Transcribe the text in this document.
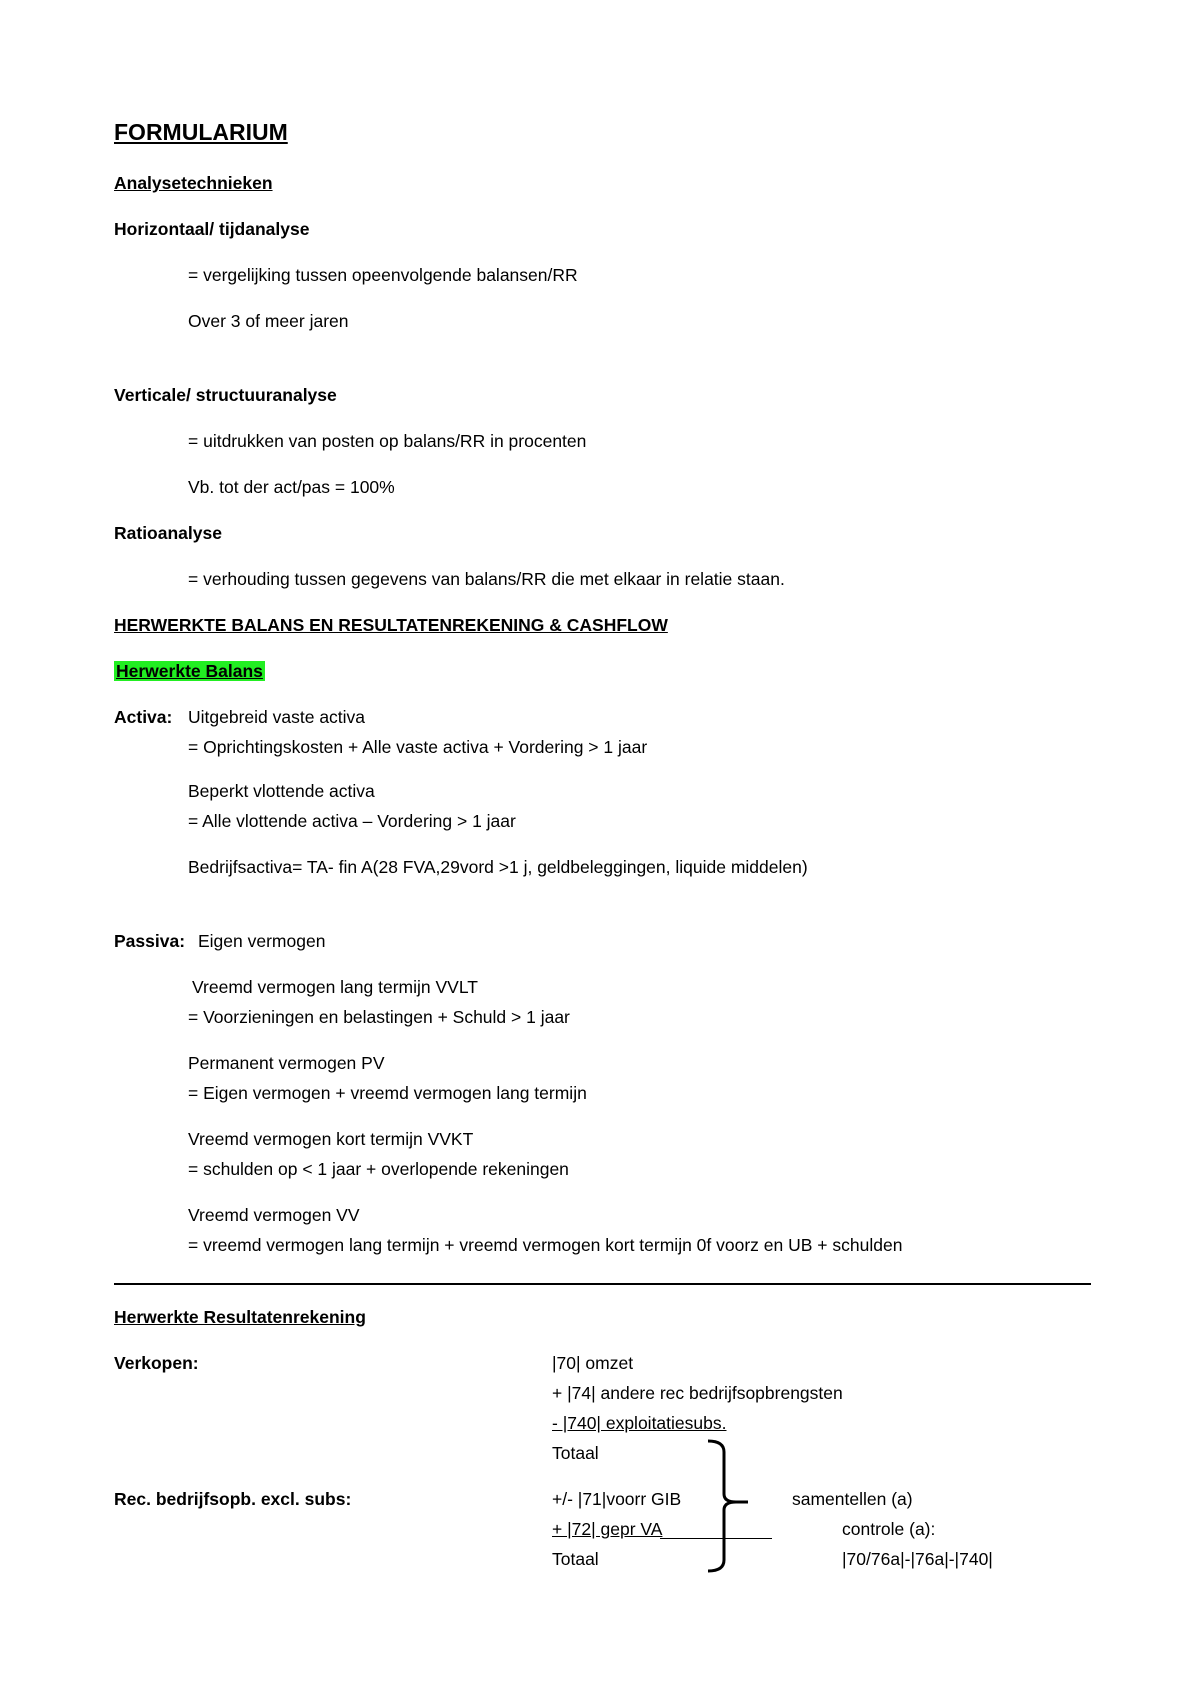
FORMULARIUM
Analysetechnieken
Horizontaal/ tijdanalyse
= vergelijking tussen opeenvolgende balansen/RR
Over 3 of meer jaren
Verticale/ structuuranalyse
= uitdrukken van posten op balans/RR in procenten
Vb. tot der act/pas = 100%
Ratioanalyse
= verhouding tussen gegevens van balans/RR die met elkaar in relatie staan.
HERWERKTE BALANS EN RESULTATENREKENING & CASHFLOW
Herwerkte Balans
Activa: Uitgebreid vaste activa
= Oprichtingskosten + Alle vaste activa + Vordering > 1 jaar
Beperkt vlottende activa
= Alle vlottende activa – Vordering > 1 jaar
Bedrijfsactiva= TA- fin A(28 FVA,29vord >1 j, geldbeleggingen, liquide middelen)
Passiva: Eigen vermogen
Vreemd vermogen lang termijn VVLT
= Voorzieningen en belastingen + Schuld > 1 jaar
Permanent vermogen PV
= Eigen vermogen + vreemd vermogen lang termijn
Vreemd vermogen kort termijn VVKT
= schulden op < 1 jaar + overlopende rekeningen
Vreemd vermogen VV
= vreemd vermogen lang termijn + vreemd vermogen kort termijn 0f voorz en UB + schulden
Herwerkte Resultatenrekening
Verkopen:	|70| omzet
+ |74| andere rec bedrijfsopbrengsten
- |740| exploitatiesubs.
Totaal
Rec. bedrijfsopb. excl. subs:	+/- |71|voorr GIB
+ |72| gepr VA
Totaal
samentellen (a)
controle (a):
|70/76a|-|76a|-|740|
